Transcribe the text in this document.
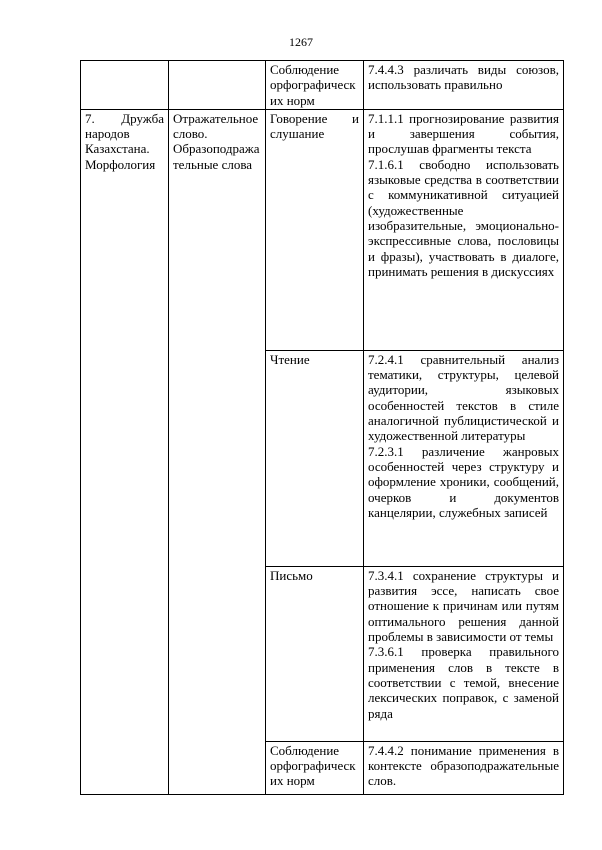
1267
		Соблюдение орфографических норм	7.4.4.3 различать виды союзов, использовать правильно

7. Дружба народов Казахстана. Морфология	Отражательное слово. Образоподражательные слова	Говорение и слушание	7.1.1.1 прогнозирование развития и завершения события, прослушав фрагменты текста
7.1.6.1 свободно использовать языковые средства в соответствии с коммуникативной ситуацией (художественные изобразительные, эмоционально-экспрессивные слова, пословицы и фразы), участвовать в диалоге, принимать решения в дискуссиях

		Чтение	7.2.4.1 сравнительный анализ тематики, структуры, целевой аудитории, языковых особенностей текстов в стиле аналогичной публицистической и художественной литературы
7.2.3.1 различение жанровых особенностей через структуру и оформление хроники, сообщений, очерков и документов канцелярии, служебных записей

		Письмо	7.3.4.1 сохранение структуры и развития эссе, написать свое отношение к причинам или путям оптимального решения данной проблемы в зависимости от темы
7.3.6.1 проверка правильного применения слов в тексте в соответствии с темой, внесение лексических поправок, с заменой ряда

		Соблюдение орфографических норм	7.4.4.2 понимание применения в контексте образоподражательные слов.
